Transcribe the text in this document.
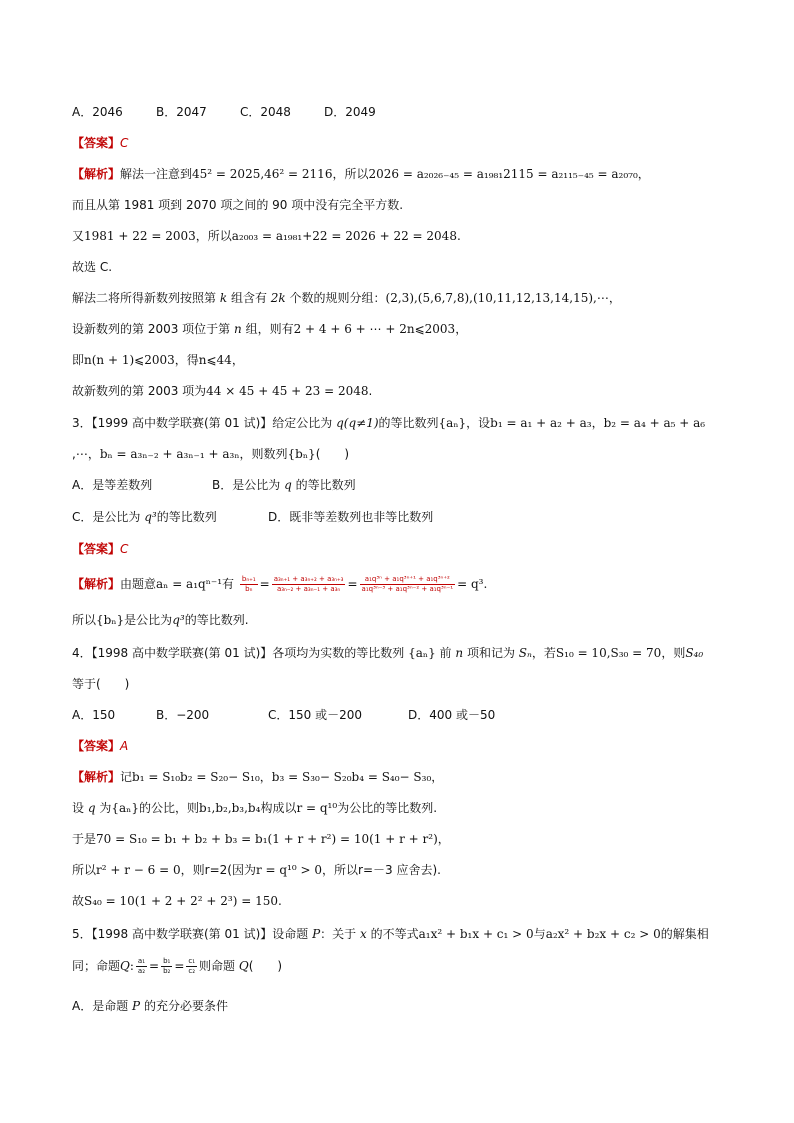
A．2046	B．2047	C．2048	D．2049
【答案】C
【解析】解法一注意到45² = 2025,46² = 2116，所以2026 = a₂₀₂₆₋₄₅ = a₁₉₈₁2115 = a₂₁₁₅₋₄₅ = a₂₀₇₀，
而且从第 1981 项到 2070 项之间的 90 项中没有完全平方数.
又1981 + 22 = 2003，所以a₂₀₀₃ = a₁₉₈₁+22 = 2026 + 22 = 2048.
故选 C.
解法二将所得新数列按照第 k 组含有 2k 个数的规则分组：(2,3),(5,6,7,8),(10,11,12,13,14,15),⋯，
设新数列的第 2003 项位于第 n 组，则有2 + 4 + 6 + ⋯ + 2n⩽2003，
即n(n + 1)⩽2003，得n⩽44，
故新数列的第 2003 项为44 × 45 + 45 + 23 = 2048.
3．【1999 高中数学联赛(第 01 试)】给定公比为 q(q≠1)的等比数列{aₙ}，设b₁ = a₁ + a₂ + a₃，b₂ = a₄ + a₅ + a₆
,⋯，bₙ = a₃ₙ₋₂ + a₃ₙ₋₁ + a₃ₙ，则数列{bₙ}(　　)
A．是等差数列	B．是公比为 q 的等比数列
C．是公比为 q³的等比数列	D．既非等差数列也非等比数列
【答案】C
【解析】由题意aₙ = a₁qⁿ⁻¹有 $\frac{\text{bₙ₊₁}}{\text{bₙ}} = \frac{\text{a₃ₙ₊₁ + a₃ₙ₊₂ + a₃ₙ₊₃}}{\text{a₃ₙ₋₂ + a₃ₙ₋₁ + a₃ₙ}} = \frac{\text{a₁q³ⁿ + a₁q³ⁿ⁺¹ + a₁q³ⁿ⁺²}}{\text{a₁q³ⁿ⁻³ + a₁q³ⁿ⁻² + a₁q³ⁿ⁻¹}} = q^3$.
所以{bₙ}是公比为q³的等比数列.
4．【1998 高中数学联赛(第 01 试)】各项均为实数的等比数列 {aₙ} 前 n 项和记为 Sₙ，若S₁₀ = 10,S₃₀ = 70，则S₄₀
等于(　　)
A．150	B．−200	C．150 或－200	D．400 或－50
【答案】A
【解析】记b₁ = S₁₀b₂ = S₂₀− S₁₀，b₃ = S₃₀− S₂₀b₄ = S₄₀− S₃₀，
设 q 为{aₙ}的公比，则b₁,b₂,b₃,b₄构成以r = q¹⁰为公比的等比数列.
于是70 = S₁₀ = b₁ + b₂ + b₃ = b₁(1 + r + r²) = 10(1 + r + r²)，
所以r² + r − 6 = 0，则r=2(因为r = q¹⁰ > 0，所以r=－3 应舍去).
故S₄₀ = 10(1 + 2 + 2² + 2³) = 150.
5．【1998 高中数学联赛(第 01 试)】设命题 P：关于 x 的不等式a₁x² + b₁x + c₁ > 0与a₂x² + b₂x + c₂ > 0的解集相
同；命题Q: $\frac{\text{a₁}}{\text{a₂}} = \frac{\text{b₁}}{\text{b₂}} = \frac{\text{c₁}}{\text{c₂}}$ 则命题 Q(　　)
A．是命题 P 的充分必要条件
